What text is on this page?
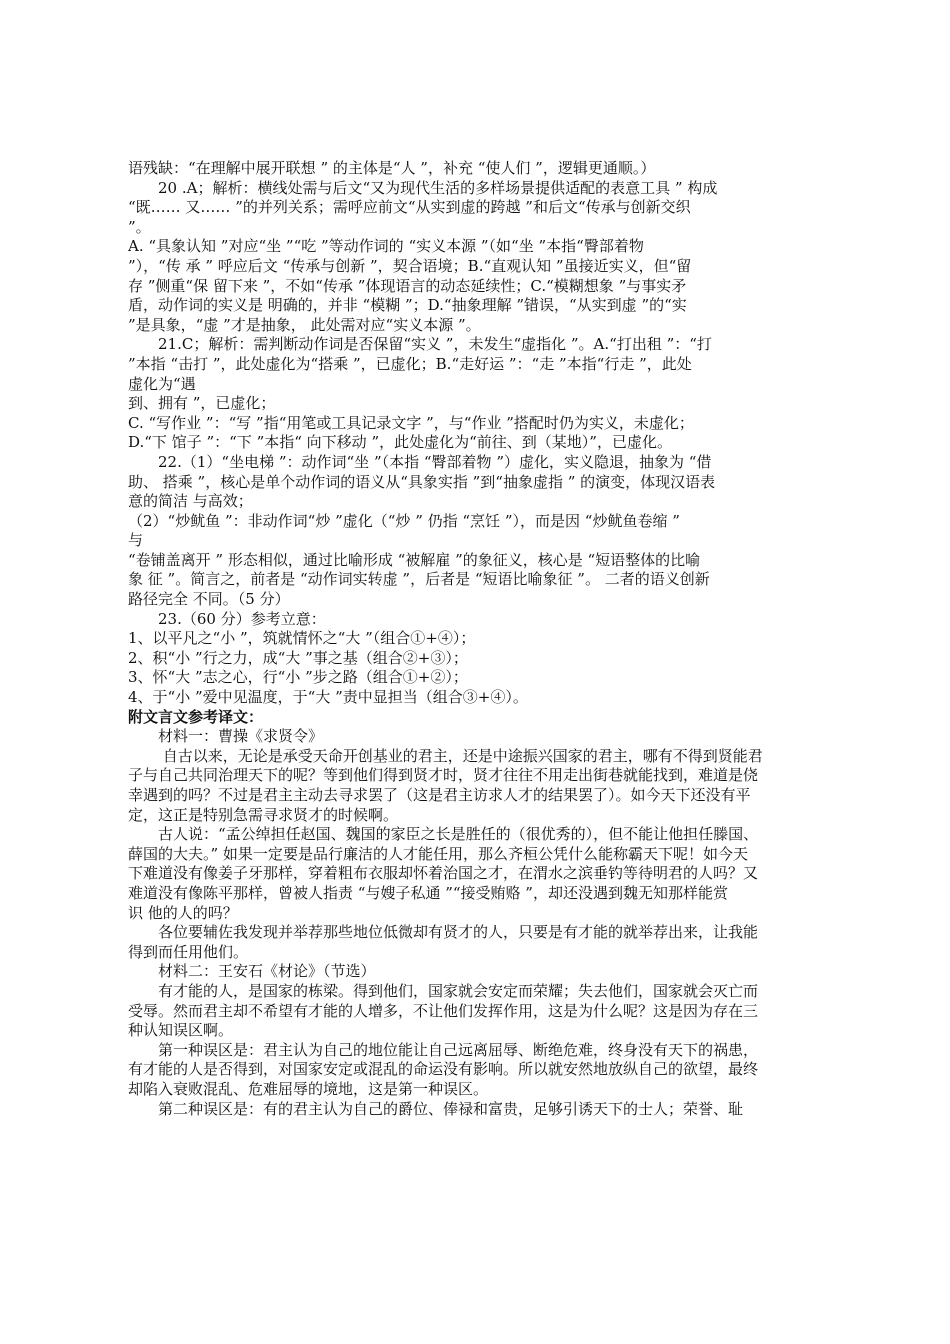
语残缺：“在理解中展开联想 ” 的主体是“人 ”，补充 “使人们 ”，逻辑更通顺。）
20 .A；解析：横线处需与后文“又为现代生活的多样场景提供适配的表意工具 ” 构成
“既…… 又…… ”的并列关系；需呼应前文“从实到虚的跨越 ”和后文“传承与创新交织
”。
A. “具象认知 ”对应“坐 ”“吃 ”等动作词的 “实义本源 ”（如“坐 ”本指“臀部着物
”），“传 承 ” 呼应后文 “传承与创新 ”，契合语境；B.“直观认知 ”虽接近实义，但“留
存 ”侧重“保 留下来 ”，不如“传承 ”体现语言的动态延续性；C.“模糊想象 ”与事实矛
盾，动作词的实义是 明确的，并非 “模糊 ”；D.“抽象理解 ”错误，“从实到虚 ”的“实
”是具象，“虚 ”才是抽象， 此处需对应“实义本源 ”。
21.C；解析：需判断动作词是否保留“实义 ”，未发生“虚指化 ”。A.“打出租 ”：“打
”本指 “击打 ”，此处虚化为“搭乘 ”，已虚化；B.“走好运 ”：“走 ”本指“行走 ”，此处
虚化为“遇
到、拥有 ”，已虚化；
C. “写作业 ”：“写 ”指“用笔或工具记录文字 ”，与“作业 ”搭配时仍为实义，未虚化；
D.“下 馆子 ”：“下 ”本指“ 向下移动 ”，此处虚化为“前往、到（某地）”，已虚化。
22.（1）“坐电梯 ”：动作词“坐 ”（本指 “臀部着物 ”）虚化，实义隐退，抽象为 “借
助、 搭乘 ”，核心是单个动作词的语义从“具象实指 ”到“抽象虚指 ” 的演变，体现汉语表
意的简洁 与高效；
（2）“炒鱿鱼 ”：非动作词“炒 ”虚化（“炒 ” 仍指 “烹饪 ”），而是因 “炒鱿鱼卷缩 ”
与
“卷铺盖离开 ” 形态相似，通过比喻形成 “被解雇 ”的象征义，核心是 “短语整体的比喻
象 征 ”。简言之，前者是 “动作词实转虚 ”，后者是 “短语比喻象征 ”。 二者的语义创新
路径完全 不同。（5 分）
23.（60 分）参考立意：
1、以平凡之“小 ”，筑就情怀之“大 ”（组合①+④）；
2、积“小 ”行之力，成“大 ”事之基（组合②+③）；
3、怀“大 ”志之心，行“小 ”步之路（组合①+②）；
4、于“小 ”爱中见温度，于“大 ”责中显担当（组合③+④）。
附文言文参考译文：
材料一：曹操《求贤令》
自古以来，无论是承受天命开创基业的君主，还是中途振兴国家的君主，哪有不得到贤能君
子与自己共同治理天下的呢？等到他们得到贤才时，贤才往往不用走出街巷就能找到，难道是侥
幸遇到的吗？不过是君主主动去寻求罢了（这是君主访求人才的结果罢了）。如今天下还没有平
定，这正是特别急需寻求贤才的时候啊。
古人说：“孟公绰担任赵国、魏国的家臣之长是胜任的（很优秀的），但不能让他担任滕国、
薛国的大夫。” 如果一定要是品行廉洁的人才能任用，那么齐桓公凭什么能称霸天下呢！如今天
下难道没有像姜子牙那样，穿着粗布衣服却怀着治国之才，在渭水之滨垂钓等待明君的人吗？又
难道没有像陈平那样，曾被人指责 “与嫂子私通 ”“接受贿赂 ”，却还没遇到魏无知那样能赏
识 他的人的吗？
各位要辅佐我发现并举荐那些地位低微却有贤才的人，只要是有才能的就举荐出来，让我能
得到而任用他们。
材料二：王安石《材论》（节选）
有才能的人，是国家的栋梁。得到他们，国家就会安定而荣耀；失去他们，国家就会灭亡而
受辱。然而君主却不希望有才能的人增多，不让他们发挥作用，这是为什么呢？这是因为存在三
种认知误区啊。
第一种误区是：君主认为自己的地位能让自己远离屈辱、断绝危难，终身没有天下的祸患，
有才能的人是否得到，对国家安定或混乱的命运没有影响。所以就安然地放纵自己的欲望，最终
却陷入衰败混乱、危难屈辱的境地，这是第一种误区。
第二种误区是：有的君主认为自己的爵位、俸禄和富贵，足够引诱天下的士人；荣誉、耻
